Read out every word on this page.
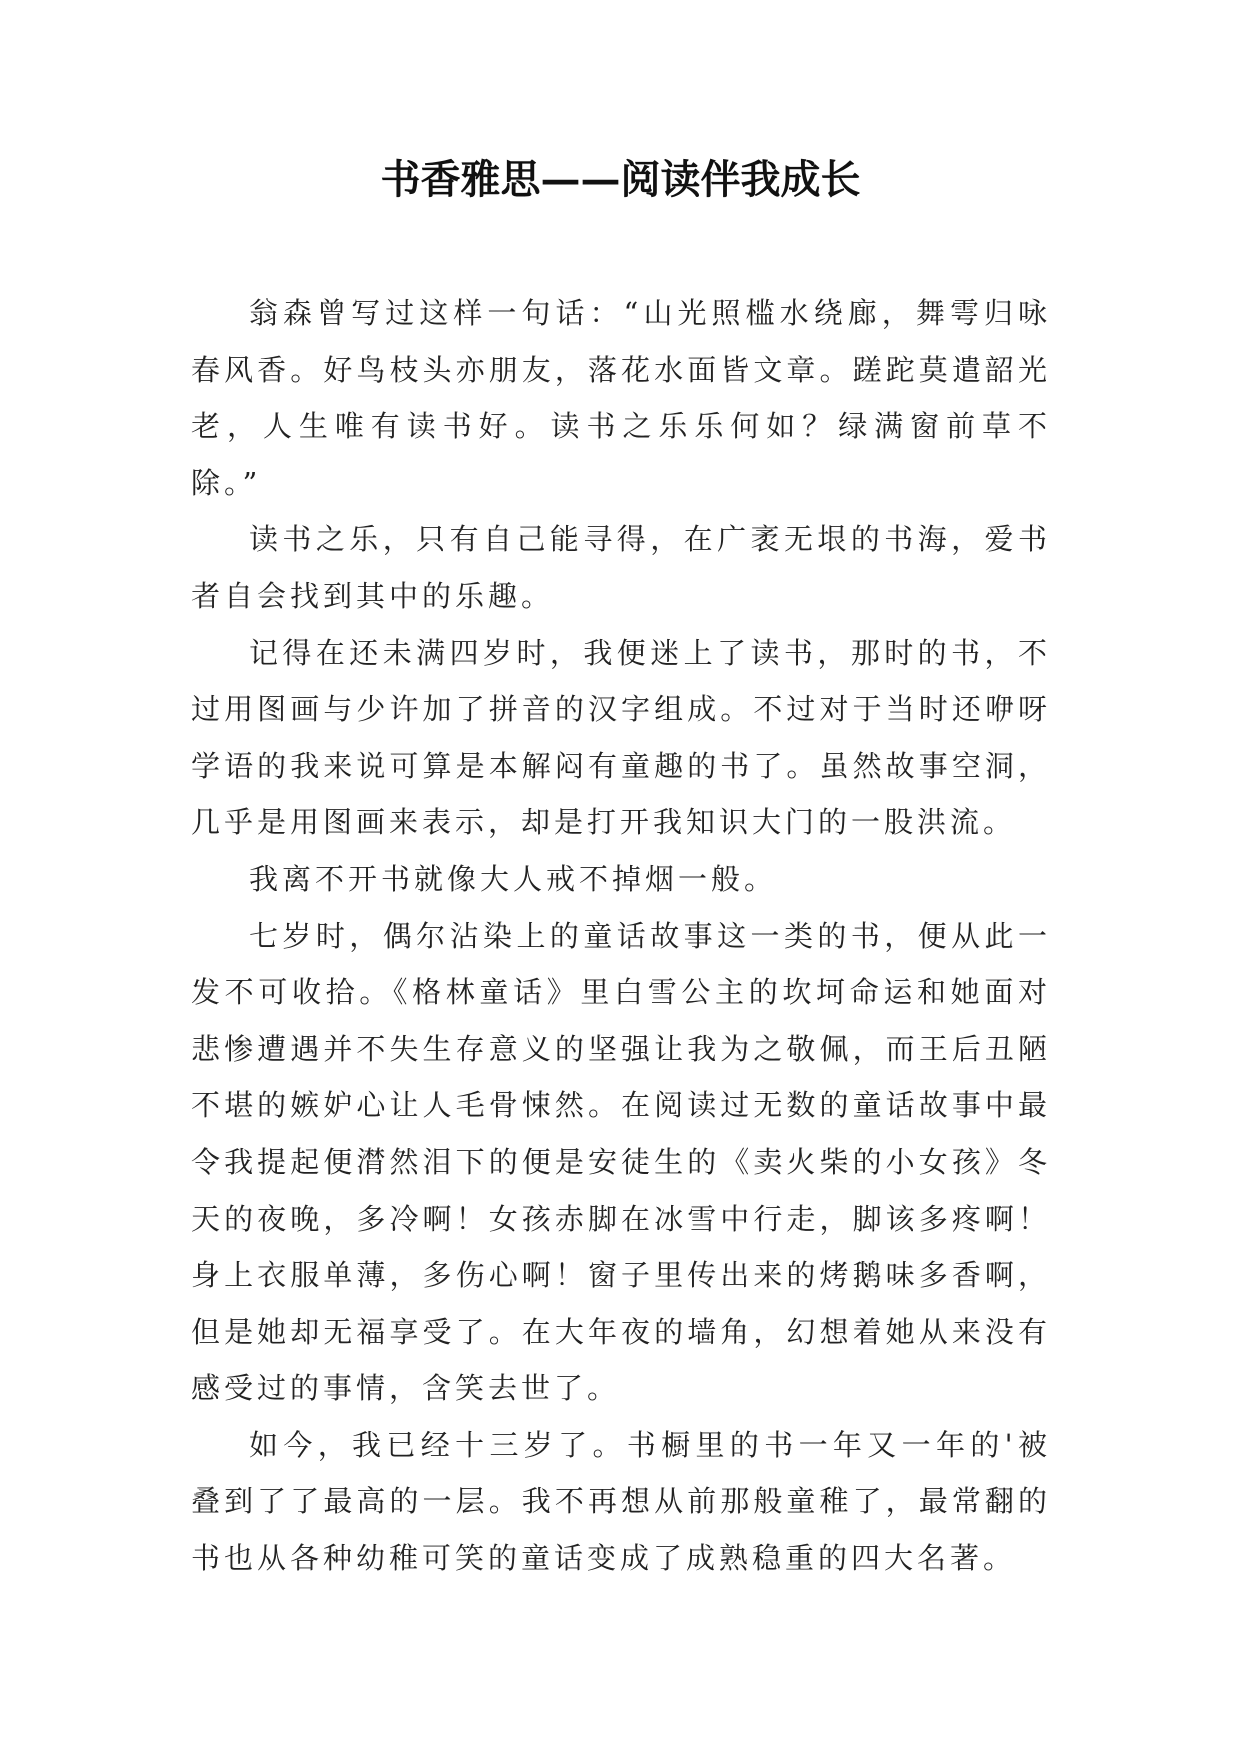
书香雅思——阅读伴我成长

翁森曾写过这样一句话：“山光照槛水绕廊，舞雩归咏春风香。好鸟枝头亦朋友，落花水面皆文章。蹉跎莫遣韶光老，人生唯有读书好。读书之乐乐何如？绿满窗前草不除。”

读书之乐，只有自己能寻得，在广袤无垠的书海，爱书者自会找到其中的乐趣。

记得在还未满四岁时，我便迷上了读书，那时的书，不过用图画与少许加了拼音的汉字组成。不过对于当时还咿呀学语的我来说可算是本解闷有童趣的书了。虽然故事空洞，几乎是用图画来表示，却是打开我知识大门的一股洪流。

我离不开书就像大人戒不掉烟一般。

七岁时，偶尔沾染上的童话故事这一类的书，便从此一发不可收拾。《格林童话》里白雪公主的坎坷命运和她面对悲惨遭遇并不失生存意义的坚强让我为之敬佩，而王后丑陋不堪的嫉妒心让人毛骨悚然。在阅读过无数的童话故事中最令我提起便潸然泪下的便是安徒生的《卖火柴的小女孩》冬天的夜晚，多冷啊！女孩赤脚在冰雪中行走，脚该多疼啊！身上衣服单薄，多伤心啊！窗子里传出来的烤鹅味多香啊，但是她却无福享受了。在大年夜的墙角，幻想着她从来没有感受过的事情，含笑去世了。

如今，我已经十三岁了。书橱里的书一年又一年的'被叠到了了最高的一层。我不再想从前那般童稚了，最常翻的书也从各种幼稚可笑的童话变成了成熟稳重的四大名著。
